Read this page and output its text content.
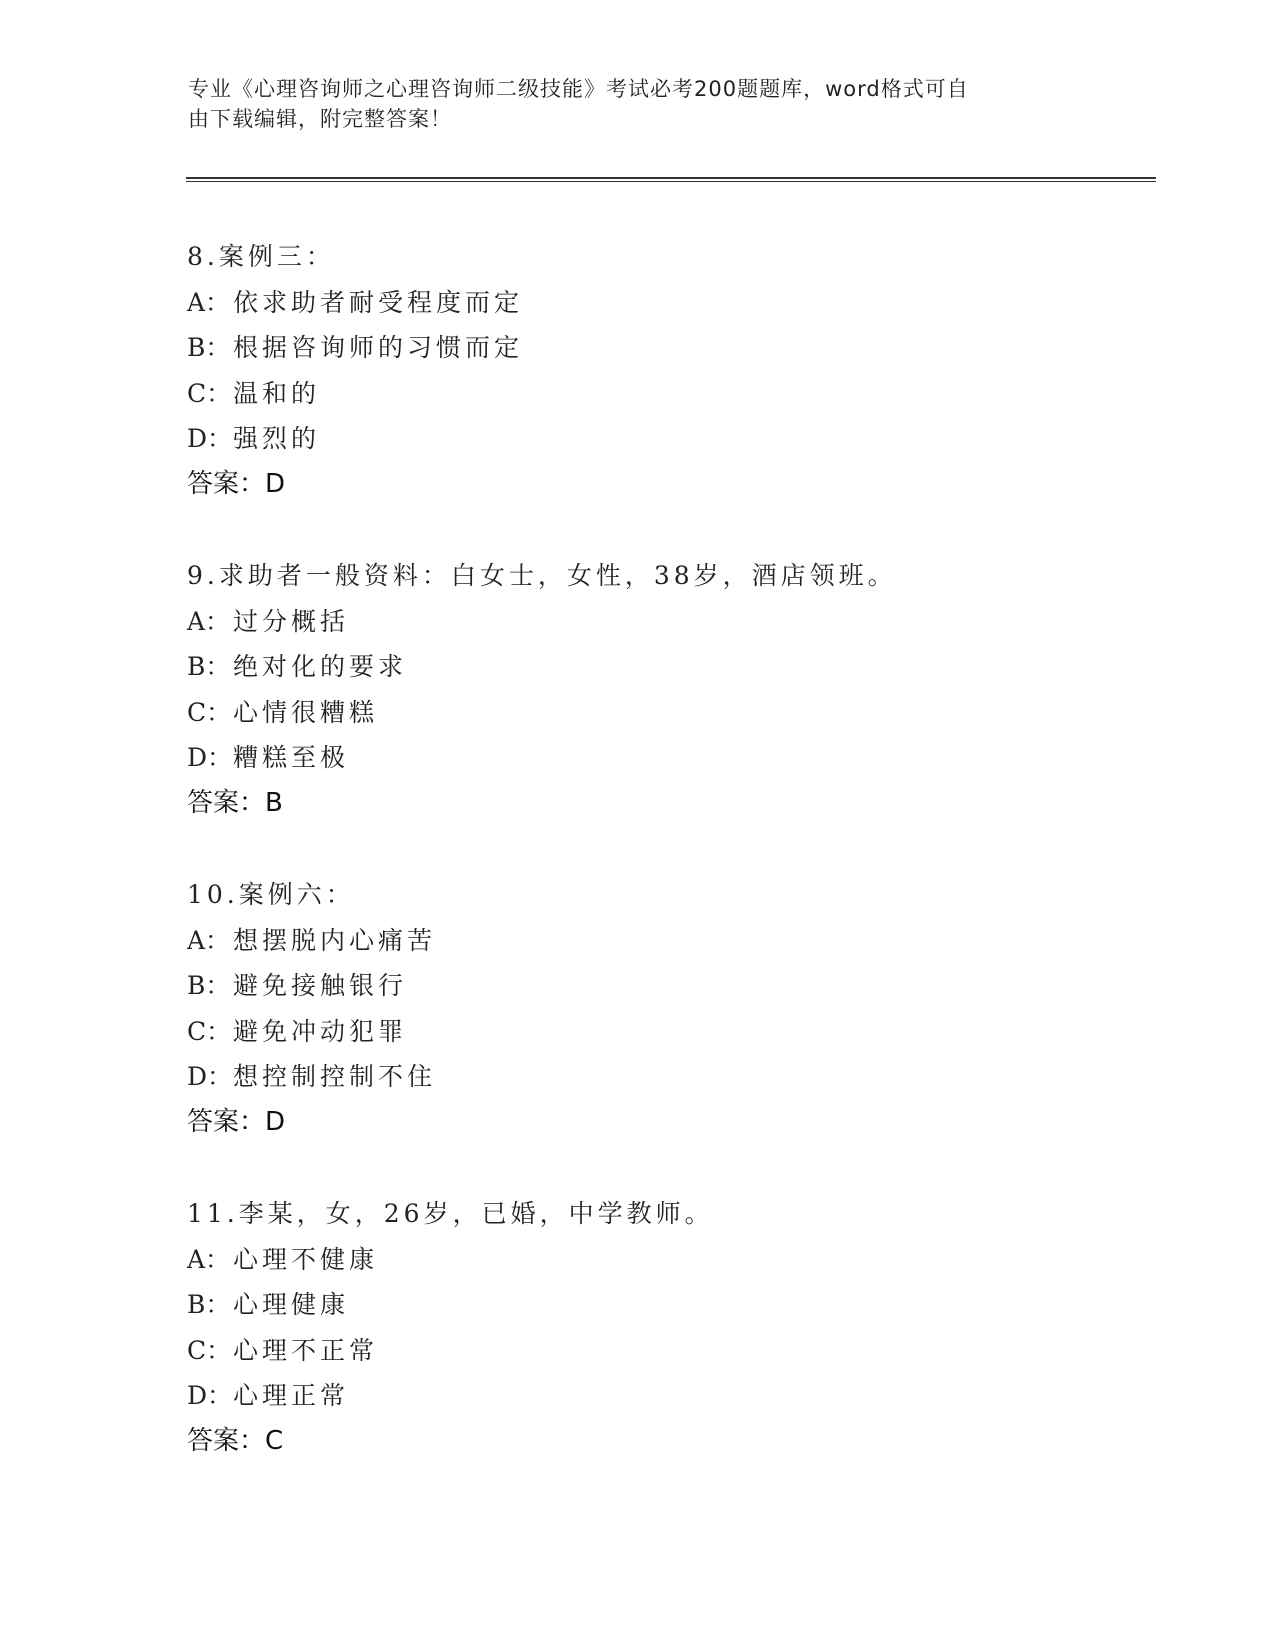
专业《心理咨询师之心理咨询师二级技能》考试必考200题题库，word格式可自
由下载编辑，附完整答案！
8.案例三：
A： 依求助者耐受程度而定
B： 根据咨询师的习惯而定
C：温和的
D：强烈的
答案：D
9.求助者一般资料：白女士，女性，38岁，酒店领班。
A： 过分概括
B： 绝对化的要求
C：心情很糟糕
D：糟糕至极
答案：B
10.案例六：
A： 想摆脱内心痛苦
B： 避免接触银行
C：避免冲动犯罪
D：想控制控制不住
答案：D
11.李某，女，26岁，已婚，中学教师。
A： 心理不健康
B： 心理健康
C：心理不正常
D：心理正常
答案：C
